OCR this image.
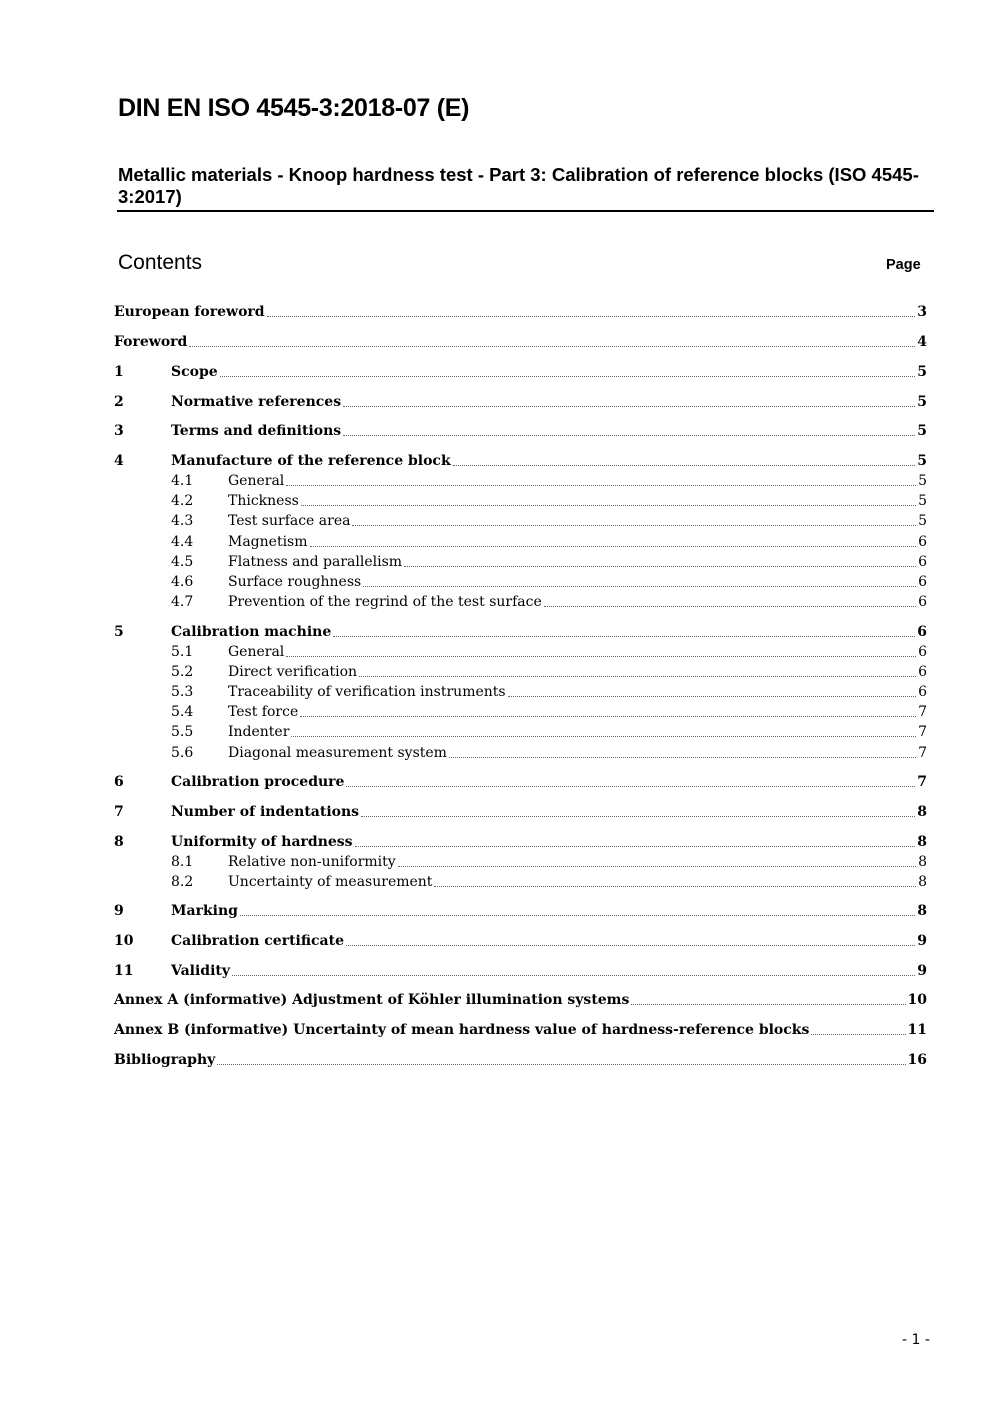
DIN EN ISO 4545-3:2018-07 (E)
Metallic materials - Knoop hardness test - Part 3: Calibration of reference blocks (ISO 4545-3:2017)
Contents	Page
European foreword	3
Foreword	4
1	Scope	5
2	Normative references	5
3	Terms and definitions	5
4	Manufacture of the reference block	5
4.1	General	5
4.2	Thickness	5
4.3	Test surface area	5
4.4	Magnetism	6
4.5	Flatness and parallelism	6
4.6	Surface roughness	6
4.7	Prevention of the regrind of the test surface	6
5	Calibration machine	6
5.1	General	6
5.2	Direct verification	6
5.3	Traceability of verification instruments	6
5.4	Test force	7
5.5	Indenter	7
5.6	Diagonal measurement system	7
6	Calibration procedure	7
7	Number of indentations	8
8	Uniformity of hardness	8
8.1	Relative non-uniformity	8
8.2	Uncertainty of measurement	8
9	Marking	8
10	Calibration certificate	9
11	Validity	9
Annex A (informative) Adjustment of Köhler illumination systems	10
Annex B (informative) Uncertainty of mean hardness value of hardness-reference blocks	11
Bibliography	16
- 1 -
